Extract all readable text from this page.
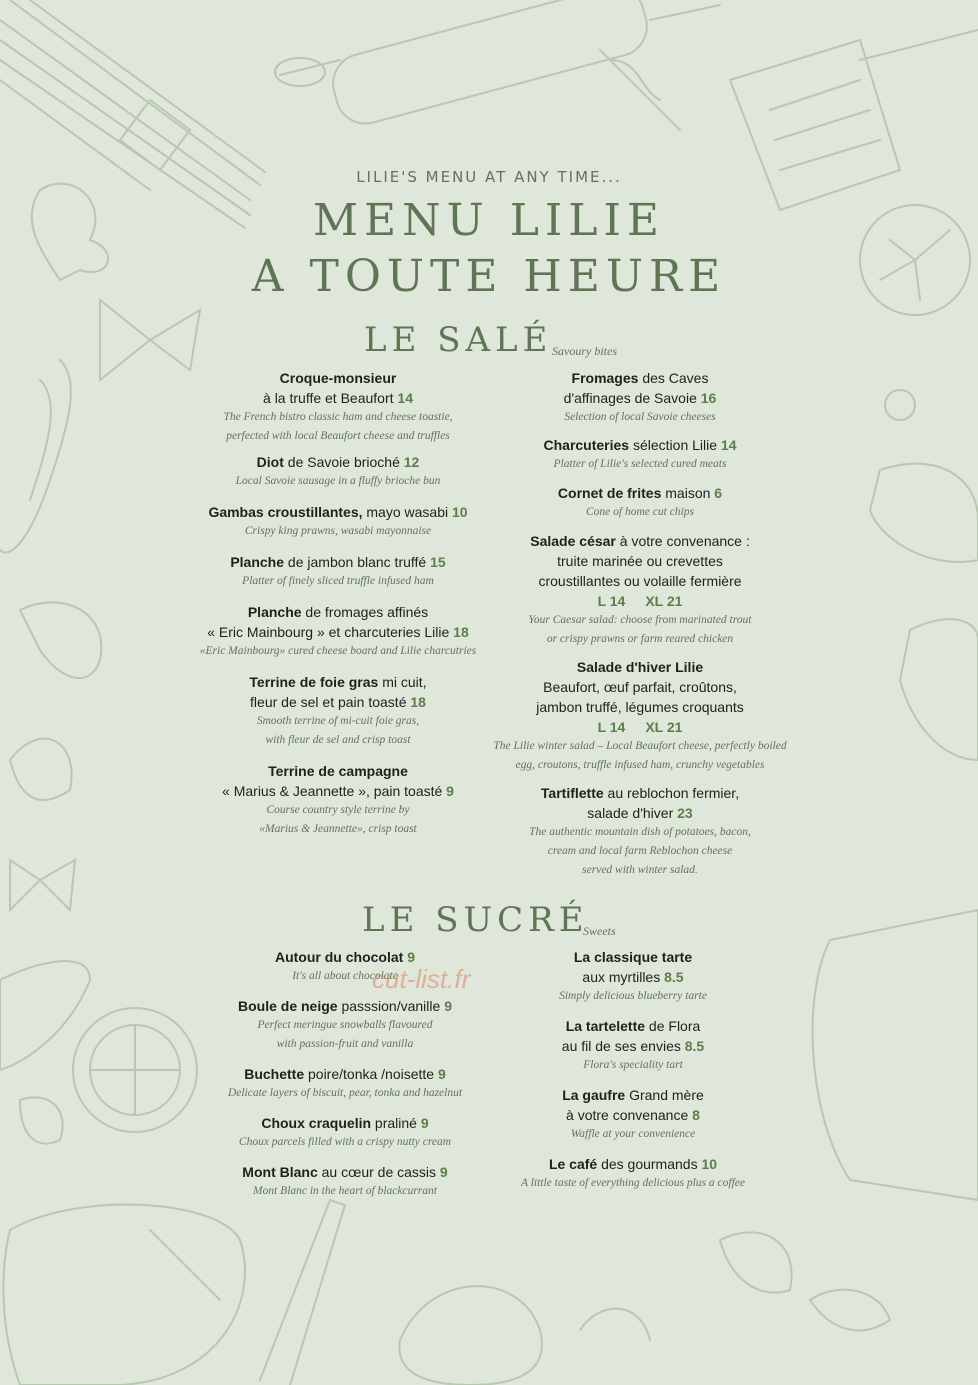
LILIE'S MENU AT ANY TIME...
MENU LILIE
A TOUTE HEURE
LE SALÉ Savoury bites
Croque-monsieur
à la truffe et Beaufort 14
The French bistro classic ham and cheese toastie,
perfected with local Beaufort cheese and truffles
Diot de Savoie brioché 12
Local Savoie sausage in a fluffy brioche bun
Gambas croustillantes, mayo wasabi 10
Crispy king prawns, wasabi mayonnaise
Planche de jambon blanc truffé 15
Platter of finely sliced truffle infused ham
Planche de fromages affinés
« Eric Mainbourg » et charcuteries Lilie 18
«Eric Mainbourg» cured cheese board and Lilie charcutries
Terrine de foie gras mi cuit,
fleur de sel et pain toasté 18
Smooth terrine of mi-cuit foie gras,
with fleur de sel and crisp toast
Terrine de campagne
« Marius & Jeannette », pain toasté 9
Course country style terrine by
«Marius & Jeannette», crisp toast
Fromages des Caves
d'affinages de Savoie 16
Selection of local Savoie cheeses
Charcuteries sélection Lilie 14
Platter of Lilie's selected cured meats
Cornet de frites maison 6
Cone of home cut chips
Salade césar à votre convenance :
truite marinée ou crevettes
croustillantes ou volaille fermière
L 14 XL 21
Your Caesar salad: choose from marinated trout
or crispy prawns or farm reared chicken
Salade d'hiver Lilie
Beaufort, œuf parfait, croûtons,
jambon truffé, légumes croquants
L 14 XL 21
The Lilie winter salad – Local Beaufort cheese, perfectly boiled
egg, croutons, truffle infused ham, crunchy vegetables
Tartiflette au reblochon fermier,
salade d'hiver 23
The authentic mountain dish of potatoes, bacon,
cream and local farm Reblochon cheese
served with winter salad.
LE SUCRÉ
Sweets
Autour du chocolat 9
It's all about chocolate
Boule de neige passsion/vanille 9
Perfect meringue snowballs flavoured
with passion-fruit and vanilla
Buchette poire/tonka /noisette 9
Delicate layers of biscuit, pear, tonka and hazelnut
Choux craquelin praliné 9
Choux parcels filled with a crispy nutty cream
Mont Blanc au cœur de cassis 9
Mont Blanc in the heart of blackcurrant
La classique tarte
aux myrtilles 8.5
Simply delicious blueberry tarte
La tartelette de Flora
au fil de ses envies 8.5
Flora's speciality tart
La gaufre Grand mère
à votre convenance 8
Waffle at your convenience
Le café des gourmands 10
A little taste of everything delicious plus a coffee
cut-list.fr
